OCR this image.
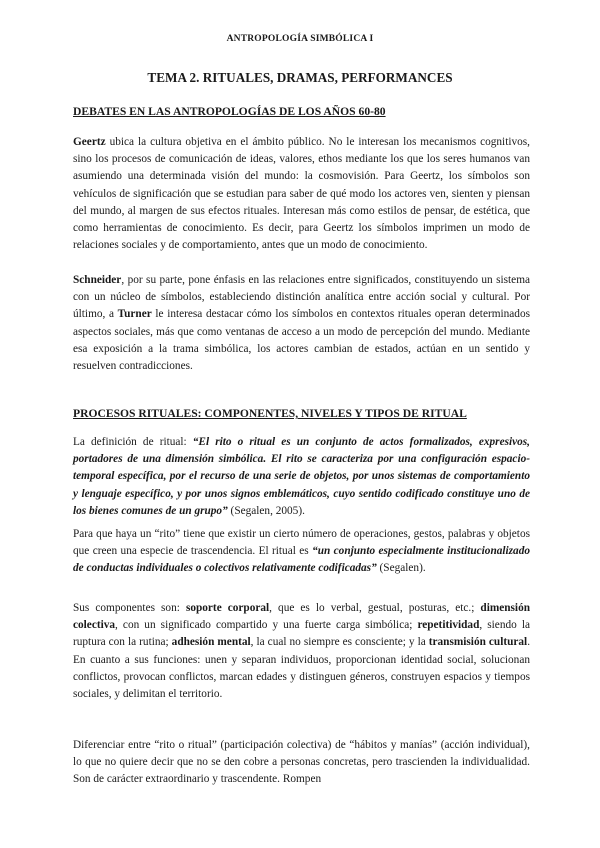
ANTROPOLOGÍA SIMBÓLICA I
TEMA 2. RITUALES, DRAMAS, PERFORMANCES
DEBATES EN LAS ANTROPOLOGÍAS DE LOS AÑOS 60-80

Geertz ubica la cultura objetiva en el ámbito público. No le interesan los mecanismos cognitivos, sino los procesos de comunicación de ideas, valores, ethos mediante los que los seres humanos van asumiendo una determinada visión del mundo: la cosmovisión. Para Geertz, los símbolos son vehículos de significación que se estudian para saber de qué modo los actores ven, sienten y piensan del mundo, al margen de sus efectos rituales. Interesan más como estilos de pensar, de estética, que como herramientas de conocimiento. Es decir, para Geertz los símbolos imprimen un modo de relaciones sociales y de comportamiento, antes que un modo de conocimiento.

Schneider, por su parte, pone énfasis en las relaciones entre significados, constituyendo un sistema con un núcleo de símbolos, estableciendo distinción analítica entre acción social y cultural. Por último, a Turner le interesa destacar cómo los símbolos en contextos rituales operan determinados aspectos sociales, más que como ventanas de acceso a un modo de percepción del mundo. Mediante esa exposición a la trama simbólica, los actores cambian de estados, actúan en un sentido y resuelven contradicciones.

PROCESOS RITUALES: COMPONENTES, NIVELES Y TIPOS DE RITUAL

La definición de ritual: “El rito o ritual es un conjunto de actos formalizados, expresivos, portadores de una dimensión simbólica. El rito se caracteriza por una configuración espacio-temporal específica, por el recurso de una serie de objetos, por unos sistemas de comportamiento y lenguaje específico, y por unos signos emblemáticos, cuyo sentido codificado constituye uno de los bienes comunes de un grupo” (Segalen, 2005).

Para que haya un “rito” tiene que existir un cierto número de operaciones, gestos, palabras y objetos que creen una especie de trascendencia. El ritual es “un conjunto especialmente institucionalizado de conductas individuales o colectivos relativamente codificadas” (Segalen).

Sus componentes son: soporte corporal, que es lo verbal, gestual, posturas, etc.; dimensión colectiva, con un significado compartido y una fuerte carga simbólica; repetitividad, siendo la ruptura con la rutina; adhesión mental, la cual no siempre es consciente; y la transmisión cultural. En cuanto a sus funciones: unen y separan individuos, proporcionan identidad social, solucionan conflictos, provocan conflictos, marcan edades y distinguen géneros, construyen espacios y tiempos sociales, y delimitan el territorio.

Diferenciar entre “rito o ritual” (participación colectiva) de “hábitos y manías” (acción individual), lo que no quiere decir que no se den cobre a personas concretas, pero trascienden la individualidad. Son de carácter extraordinario y trascendente. Rompen
